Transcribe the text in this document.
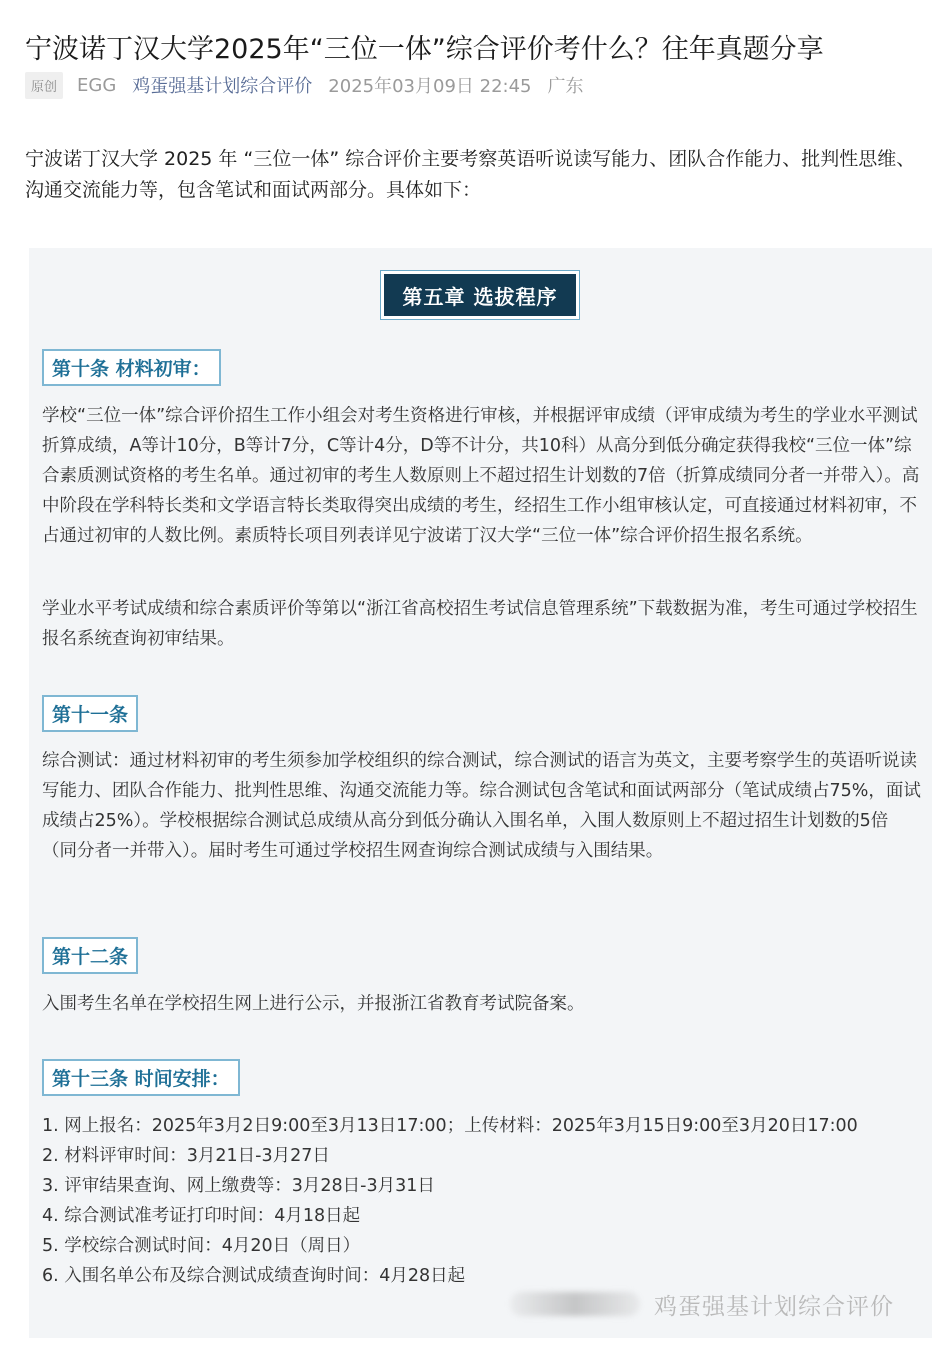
宁波诺丁汉大学2025年“三位一体”综合评价考什么？往年真题分享
原创	EGG 鸡蛋强基计划综合评价 2025年03月09日 22:45 广东

宁波诺丁汉大学 2025 年 “三位一体” 综合评价主要考察英语听说读写能力、团队合作能力、批判性思维、沟通交流能力等，包含笔试和面试两部分。具体如下：

第五章 选拔程序
第十条 材料初审：

学校“三位一体”综合评价招生工作小组会对考生资格进行审核，并根据评审成绩（评审成绩为考生的学业水平测试折算成绩，A等计10分，B等计7分，C等计4分，D等不计分，共10科）从高分到低分确定获得我校“三位一体”综合素质测试资格的考生名单。通过初审的考生人数原则上不超过招生计划数的7倍（折算成绩同分者一并带入）。高中阶段在学科特长类和文学语言特长类取得突出成绩的考生，经招生工作小组审核认定，可直接通过材料初审，不占通过初审的人数比例。素质特长项目列表详见宁波诺丁汉大学“三位一体”综合评价招生报名系统。

学业水平考试成绩和综合素质评价等第以“浙江省高校招生考试信息管理系统”下载数据为准，考生可通过学校招生报名系统查询初审结果。

第十一条

综合测试：通过材料初审的考生须参加学校组织的综合测试，综合测试的语言为英文，主要考察学生的英语听说读写能力、团队合作能力、批判性思维、沟通交流能力等。综合测试包含笔试和面试两部分（笔试成绩占75%，面试成绩占25%）。学校根据综合测试总成绩从高分到低分确认入围名单，入围人数原则上不超过招生计划数的5倍 （同分者一并带入）。届时考生可通过学校招生网查询综合测试成绩与入围结果。

第十二条

入围考生名单在学校招生网上进行公示，并报浙江省教育考试院备案。

第十三条 时间安排：
1. 网上报名：2025年3月2日9:00至3月13日17:00；上传材料：2025年3月15日9:00至3月20日17:00
2. 材料评审时间：3月21日-3月27日
3. 评审结果查询、网上缴费等：3月28日-3月31日
4. 综合测试准考证打印时间：4月18日起
5. 学校综合测试时间：4月20日（周日）
6. 入围名单公布及综合测试成绩查询时间：4月28日起
鸡蛋强基计划综合评价
